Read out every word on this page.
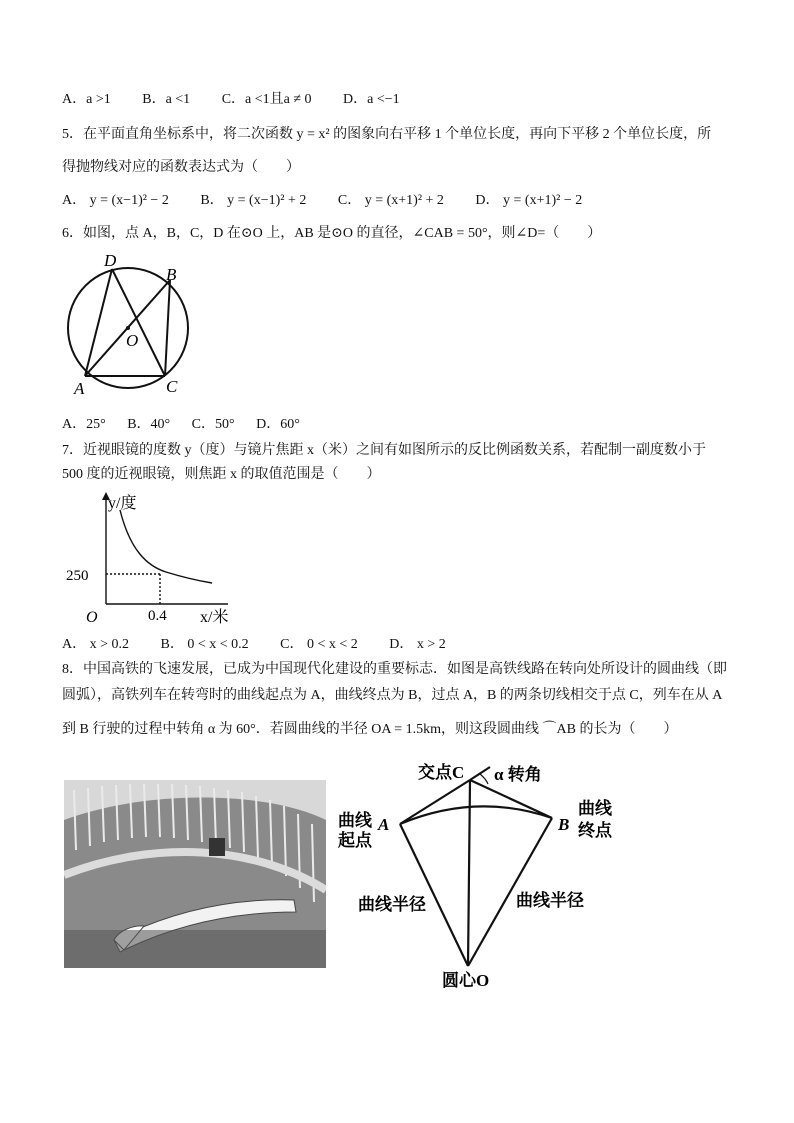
A．a >1 B．a <1 C．a <1且a ≠ 0 D．a <−1
5．在平面直角坐标系中，将二次函数 y = x² 的图象向右平移 1 个单位长度，再向下平移 2 个单位长度，所
得抛物线对应的函数表达式为（　　）
A． y = (x−1)² − 2 B． y = (x−1)² + 2 C． y = (x+1)² + 2 D． y = (x+1)² − 2
6．如图，点 A，B，C，D 在⊙O 上，AB 是⊙O 的直径，∠CAB = 50°，则∠D=（　　）
D
B
O
A	C
A．25° B．40° C．50° D．60°
7．近视眼镜的度数 y（度）与镜片焦距 x（米）之间有如图所示的反比例函数关系，若配制一副度数小于
500 度的近视眼镜，则焦距 x 的取值范围是（　　）
y/度
x/米
O
250
0.4
A． x > 0.2 B． 0 < x < 0.2 C． 0 < x < 2 D． x > 2
8．中国高铁的飞速发展，已成为中国现代化建设的重要标志．如图是高铁线路在转向处所设计的圆曲线（即
圆弧），高铁列车在转弯时的曲线起点为 A，曲线终点为 B，过点 A，B 的两条切线相交于点 C，列车在从 A
到 B 行驶的过程中转角 α 为 60°．若圆曲线的半径 OA = 1.5km，则这段圆曲线 ⌒AB 的长为（　　）
交点C α 转角
曲线
起点
A	B
曲线
终点
曲线半径	曲线半径
圆心O
